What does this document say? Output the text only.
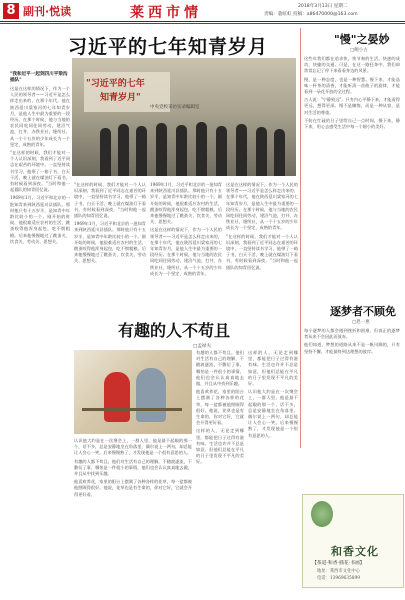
8 副刊·悦读	莱西市情	2018年3月13日 星期二
责编：蓑虹虹 投稿：a86470000@163.com
习近平的七年知青岁月
"习近平的七年
知青岁月"
中央党校采访实录编辑室
"我和近平一起到四川平梁沟插队"

这是在这样的情况下，作为一个人民的领导者——习近平是怎么样走出来的，在那个年代，他在陕西延川梁家河的七年知青岁月，是他人生中最为重要的一段经历。在那个时候，他与当地的农民同吃同住同劳动，建沼气池，打井，办铁业社，缝纫社，从一个十五岁的少年成长为一个坚定、成熟的青年。

"在这样的时候，我们才能对一个人认识深刻，我看到了近平同志在艰苦的环境中，一直坚持读书学习，他带了一箱子书，白天干活，晚上就在煤油灯下看书，有时候看到深夜。"当时和他一起插队的知青回忆说。

1969年1月，习近平和北京的一批知青来到陕西延川县插队。那时他只有十五岁半，是知青中年龄比较小的一个。刚开始的时候，他很难适应农村的生活，跳蚤咬得他浑身起包，吃不惯粗粮。后来他慢慢地过了跳蚤关、饮食关、劳动关、思想关。

"在这样的时候，我们才能对一个人认识深刻，我看到了近平同志在艰苦的环境中，一直坚持读书学习，他带了一箱子书，白天干活，晚上就在煤油灯下看书，有时候看到深夜。"当时和他一起插队的知青回忆说。

1969年1月，习近平和北京的一批知青来到陕西延川县插队。那时他只有十五岁半，是知青中年龄比较小的一个。刚开始的时候，他很难适应农村的生活，跳蚤咬得他浑身起包，吃不惯粗粮。后来他慢慢地过了跳蚤关、饮食关、劳动关、思想关。

1969年1月，习近平和北京的一批知青来到陕西延川县插队。那时他只有十五岁半，是知青中年龄比较小的一个。刚开始的时候，他很难适应农村的生活，跳蚤咬得他浑身起包，吃不惯粗粮。后来他慢慢地过了跳蚤关、饮食关、劳动关、思想关。

这是在这样的情况下，作为一个人民的领导者——习近平是怎么样走出来的，在那个年代，他在陕西延川梁家河的七年知青岁月，是他人生中最为重要的一段经历。在那个时候，他与当地的农民同吃同住同劳动，建沼气池，打井，办铁业社，缝纫社，从一个十五岁的少年成长为一个坚定、成熟的青年。

这是在这样的情况下，作为一个人民的领导者——习近平是怎么样走出来的，在那个年代，他在陕西延川梁家河的七年知青岁月，是他人生中最为重要的一段经历。在那个时候，他与当地的农民同吃同住同劳动，建沼气池，打井，办铁业社，缝纫社，从一个十五岁的少年成长为一个坚定、成熟的青年。

"在这样的时候，我们才能对一个人认识深刻，我看到了近平同志在艰苦的环境中，一直坚持读书学习，他带了一箱子书，白天干活，晚上就在煤油灯下看书，有时候看到深夜。"当时和他一起插队的知青回忆说。

有趣的人不苟且
□孟禄夫

认识他大约是在一次聚会上，一群人里，他是最不起眼的那一个，话不多，总是安静地坐在角落里，偶尔说上一两句，却总能让人会心一笑。后来慢慢熟了，才发现他是一个很有意思的人。

有趣的人都不苟且。他们对生活有自己的理解，不随波逐流，不敷衍了事。哪怕是一件很小的事情，他们也会认认真真地去做，并且从中找到乐趣。

他喜欢养花，家里的阳台上摆满了各种各样的花草，每一盆都被他照顾得很好。他说，花草也是有生命的，你对它好，它就会开得更好看。

有趣的人都不苟且。他们对生活有自己的理解，不随波逐流，不敷衍了事。哪怕是一件很小的事情，他们也会认认真真地去做，并且从中找到乐趣。

他喜欢养花，家里的阳台上摆满了各种各样的花草，每一盆都被他照顾得很好。他说，花草也是有生命的，你对它好，它就会开得更好看。

这样的人，无论走到哪里，都能把日子过得有滋有味。生活也许并不总是如意，但他们总能在平凡的日子里发现不平凡的美好。

这样的人，无论走到哪里，都能把日子过得有滋有味。生活也许并不总是如意，但他们总能在平凡的日子里发现不平凡的美好。

认识他大约是在一次聚会上，一群人里，他是最不起眼的那一个，话不多，总是安静地坐在角落里，偶尔说上一两句，却总能让人会心一笑。后来慢慢熟了，才发现他是一个很有意思的人。

"慢"之晏妙
□鲍小古

这些年我们都在追求快，快节奏的生活，快速的成功，快捷的交通。可是，在这一路狂奔中，我们却常常忘记了停下来看看身边的风景。

慢，是一种态度，也是一种智慧。慢下来，才能品味一杯茶的清香，才能听清一首曲子的旋律，才能看到一朵花开放的全过程。

古人说："宁静致远"。只有内心平静下来，才能看得更远，想得更深。慢不是懒惰，而是一种从容，是对生活的尊重。

不妨在忙碌的日子里给自己一点时间，慢下来，静下来，用心去感受生活中每一个细小的美好。

逐梦者不顾免
□恩一惠

每个逐梦的人都会遇到挫折和困难，但真正的逐梦者从来不会因此而放弃。

他们知道，梦想的道路从来不是一帆风顺的，只有坚持不懈，才能最终到达理想的彼岸。

和香文化
【茶道·和香·插花·书画】
地址：莱西市文化中心
电话：13969635899
